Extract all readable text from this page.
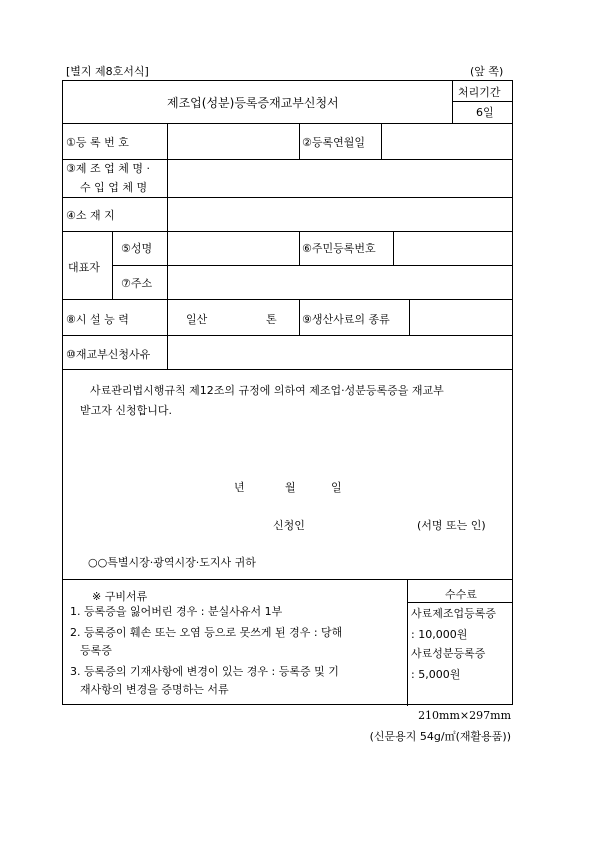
[별지 제8호서식]	(앞 쪽)
제조업(성분)등록증재교부신청서
처리기간
6일
①등 록 번 호	②등록연월일
③제 조 업 체 명 ·
수 입 업 체 명
④소 재 지
대표자
⑤성명	⑥주민등록번호
⑦주소
⑧시 설 능 력	일산	톤 ⑨생산사료의 종류
⑩재교부신청사유
사료관리법시행규칙 제12조의 규정에 의하여 제조업·성분등록증을 재교부
받고자 신청합니다.
년	월	일
신청인	(서명 또는 인)
○○특별시장·광역시장·도지사 귀하
※ 구비서류
1. 등록증을 잃어버린 경우 : 분실사유서 1부
2. 등록증이 훼손 또는 오염 등으로 못쓰게 된 경우 : 당해
등록증
3. 등록증의 기재사항에 변경이 있는 경우 : 등록증 및 기
재사항의 변경을 증명하는 서류
수수료
사료제조업등록증
: 10,000원
사료성분등록증
: 5,000원
210mm×297mm
(신문용지 54g/㎡(재활용품))
